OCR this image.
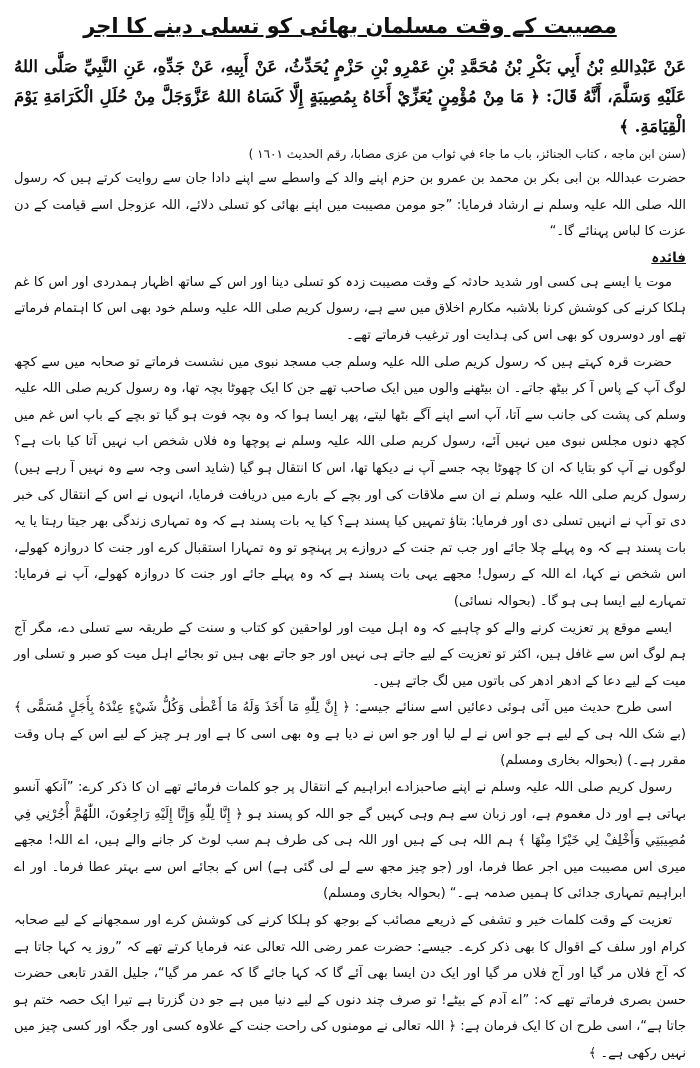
مصیبت کے وقت مسلمان بھائی کو تسلی دینے کا اجر

عَنْ عَبْدِاللهِ بْنُ أَبِي بَكْرِ بْنُ مُحَمَّدِ بْنِ عَمْرِو بْنِ حَزْمٍ يُحَدِّثُ، عَنْ أَبِيهِ، عَنْ جَدِّهِ، عَنِ النَّبِيِّ صَلَّى اللهُ عَلَيْهِ وَسَلَّمَ، أَنَّهُ قَالَ: ﴿ مَا مِنْ مُؤْمِنٍ يُعَزِّيْ أَخَاهُ بِمُصِيبَةٍ إِلَّا كَسَاهُ اللهُ عَزَّوَجَلَّ مِنْ حُلَلِ الْكَرَامَةِ يَوْمَ الْقِيَامَةِ. ﴾

(سنن ابن ماجه ، كتاب الجنائز، باب ما جاء في ثواب من عزى مصابا، رقم الحديث ١٦٠١ )

حضرت عبداللہ بن ابی بکر بن محمد بن عمرو بن حزم اپنے والد کے واسطے سے اپنے دادا جان سے روایت کرتے ہیں کہ رسول اللہ صلی اللہ علیہ وسلم نے ارشاد فرمایا: ”جو مومن مصیبت میں اپنے بھائی کو تسلی دلائے، اللہ عزوجل اسے قیامت کے دن عزت کا لباس پہنائے گا۔“

فائدہ

موت یا ایسے ہی کسی اور شدید حادثہ کے وقت مصیبت زدہ کو تسلی دینا اور اس کے ساتھ اظہار ہمدردی اور اس کا غم ہلکا کرنے کی کوشش کرنا بلاشبہ مکارم اخلاق میں سے ہے، رسول کریم صلی اللہ علیہ وسلم خود بھی اس کا اہتمام فرماتے تھے اور دوسروں کو بھی اس کی ہدایت اور ترغیب فرماتے تھے۔

حضرت قرہ کہتے ہیں کہ رسول کریم صلی اللہ علیہ وسلم جب مسجد نبوی میں نشست فرماتے تو صحابہ میں سے کچھ لوگ آپ کے پاس آ کر بیٹھ جاتے۔ ان بیٹھنے والوں میں ایک صاحب تھے جن کا ایک چھوٹا بچہ تھا، وہ رسول کریم صلی اللہ علیہ وسلم کی پشت کی جانب سے آتا، آپ اسے اپنے آگے بٹھا لیتے، پھر ایسا ہوا کہ وہ بچہ فوت ہو گیا تو بچے کے باپ اس غم میں کچھ دنوں مجلس نبوی میں نہیں آئے، رسول کریم صلی اللہ علیہ وسلم نے پوچھا وہ فلاں شخص اب نہیں آتا کیا بات ہے؟ لوگوں نے آپ کو بتایا کہ ان کا چھوٹا بچہ جسے آپ نے دیکھا تھا، اس کا انتقال ہو گیا (شاید اسی وجہ سے وہ نہیں آ رہے ہیں) رسول کریم صلی اللہ علیہ وسلم نے ان سے ملاقات کی اور بچے کے بارے میں دریافت فرمایا، انہوں نے اس کے انتقال کی خبر دی تو آپ نے انہیں تسلی دی اور فرمایا: بتاؤ تمہیں کیا پسند ہے؟ کیا یہ بات پسند ہے کہ وہ تمہاری زندگی بھر جیتا رہتا یا یہ بات پسند ہے کہ وہ پہلے چلا جائے اور جب تم جنت کے دروازے پر پہنچو تو وہ تمہارا استقبال کرے اور جنت کا دروازہ کھولے، اس شخص نے کہا، اے اللہ کے رسول! مجھے یہی بات پسند ہے کہ وہ پہلے جائے اور جنت کا دروازہ کھولے، آپ نے فرمایا: تمہارے لیے ایسا ہی ہو گا۔ (بحوالہ نسائی)

ایسے موقع پر تعزیت کرنے والے کو چاہیے کہ وہ اہل میت اور لواحقین کو کتاب و سنت کے طریقہ سے تسلی دے، مگر آج ہم لوگ اس سے غافل ہیں، اکثر تو تعزیت کے لیے جاتے ہی نہیں اور جو جاتے بھی ہیں تو بجائے اہل میت کو صبر و تسلی اور میت کے لیے دعا کے ادھر ادھر کی باتوں میں لگ جاتے ہیں۔

اسی طرح حدیث میں آئی ہوئی دعائیں اسے سنائے جیسے: ﴿ إِنَّ لِلّٰهِ مَا أَخَذَ وَلَهُ مَا أَعْطٰى وَكُلُّ شَيْءٍ عِنْدَهُ بِأَجَلٍ مُسَمًّى ﴾ (بے شک اللہ ہی کے لیے ہے جو اس نے لے لیا اور جو اس نے دیا ہے وہ بھی اسی کا ہے اور ہر چیز کے لیے اس کے ہاں وقت مقرر ہے۔) (بحوالہ بخاری ومسلم)

رسول کریم صلی اللہ علیہ وسلم نے اپنے صاحبزادے ابراہیم کے انتقال پر جو کلمات فرمائے تھے ان کا ذکر کرے: ”آنکھ آنسو بہاتی ہے اور دل مغموم ہے، اور زبان سے ہم وہی کہیں گے جو اللہ کو پسند ہو ﴿ إِنَّا لِلّٰهِ وَإِنَّا إِلَيْهِ رَاجِعُونَ، اللّٰهُمَّ أْجُرْنِي فِي مُصِيبَتِي وَأَخْلِفْ لِي خَيْرًا مِنْهَا ﴾ ہم اللہ ہی کے ہیں اور اللہ ہی کی طرف ہم سب لوٹ کر جانے والے ہیں، اے اللہ! مجھے میری اس مصیبت میں اجر عطا فرما، اور (جو چیز مجھ سے لے لی گئی ہے) اس کے بجائے اس سے بہتر عطا فرما۔ اور اے ابراہیم تمہاری جدائی کا ہمیں صدمہ ہے۔“ (بحوالہ بخاری ومسلم)

تعزیت کے وقت کلمات خیر و تشفی کے ذریعے مصائب کے بوجھ کو ہلکا کرنے کی کوشش کرے اور سمجھانے کے لیے صحابہ کرام اور سلف کے اقوال کا بھی ذکر کرے۔ جیسے: حضرت عمر رضی اللہ تعالی عنہ فرمایا کرتے تھے کہ ”روز یہ کہا جاتا ہے کہ آج فلاں مر گیا اور آج فلاں مر گیا اور ایک دن ایسا بھی آئے گا کہ کہا جائے گا کہ عمر مر گیا“، جلیل القدر تابعی حضرت حسن بصری فرماتے تھے کہ: ”اے آدم کے بیٹے! تو صرف چند دنوں کے لیے دنیا میں ہے جو دن گزرتا ہے تیرا ایک حصہ ختم ہو جاتا ہے“، اسی طرح ان کا ایک فرمان ہے: ﴿ اللہ تعالی نے مومنوں کی راحت جنت کے علاوہ کسی اور جگہ اور کسی چیز میں نہیں رکھی ہے۔ ﴾
